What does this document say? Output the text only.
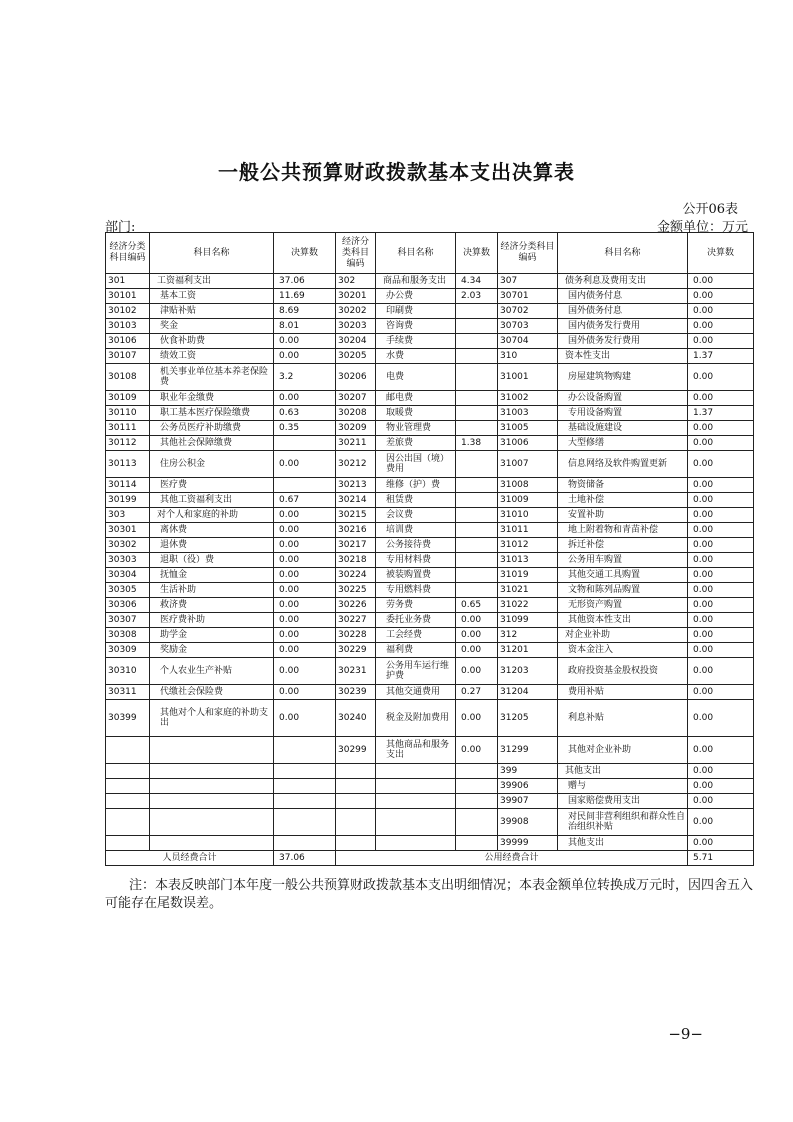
一般公共预算财政拨款基本支出决算表
公开06表
部门:	金额单位：万元
经济分类科目编码	科目名称	决算数	经济分类科目编码	科目名称	决算数	经济分类科目编码	科目名称	决算数
301	工资福利支出	37.06	302	商品和服务支出	4.34	307	债务利息及费用支出	0.00
30101	基本工资	11.69	30201	办公费	2.03	30701	国内债务付息	0.00
30102	津贴补贴	8.69	30202	印刷费		30702	国外债务付息	0.00
30103	奖金	8.01	30203	咨询费		30703	国内债务发行费用	0.00
30106	伙食补助费	0.00	30204	手续费		30704	国外债务发行费用	0.00
30107	绩效工资	0.00	30205	水费		310	资本性支出	1.37
30108	机关事业单位基本养老保险费	3.2	30206	电费		31001	房屋建筑物购建	0.00
30109	职业年金缴费	0.00	30207	邮电费		31002	办公设备购置	0.00
30110	职工基本医疗保险缴费	0.63	30208	取暖费		31003	专用设备购置	1.37
30111	公务员医疗补助缴费	0.35	30209	物业管理费		31005	基础设施建设	0.00
30112	其他社会保障缴费		30211	差旅费	1.38	31006	大型修缮	0.00
30113	住房公积金	0.00	30212	因公出国（境）费用		31007	信息网络及软件购置更新	0.00
30114	医疗费		30213	维修（护）费		31008	物资储备	0.00
30199	其他工资福利支出	0.67	30214	租赁费		31009	土地补偿	0.00
303	对个人和家庭的补助	0.00	30215	会议费		31010	安置补助	0.00
30301	离休费	0.00	30216	培训费		31011	地上附着物和青苗补偿	0.00
30302	退休费	0.00	30217	公务接待费		31012	拆迁补偿	0.00
30303	退职（役）费	0.00	30218	专用材料费		31013	公务用车购置	0.00
30304	抚恤金	0.00	30224	被装购置费		31019	其他交通工具购置	0.00
30305	生活补助	0.00	30225	专用燃料费		31021	文物和陈列品购置	0.00
30306	救济费	0.00	30226	劳务费	0.65	31022	无形资产购置	0.00
30307	医疗费补助	0.00	30227	委托业务费	0.00	31099	其他资本性支出	0.00
30308	助学金	0.00	30228	工会经费	0.00	312	对企业补助	0.00
30309	奖励金	0.00	30229	福利费	0.00	31201	资本金注入	0.00
30310	个人农业生产补贴	0.00	30231	公务用车运行维护费	0.00	31203	政府投资基金股权投资	0.00
30311	代缴社会保险费	0.00	30239	其他交通费用	0.27	31204	费用补贴	0.00
30399	其他对个人和家庭的补助支出	0.00	30240	税金及附加费用	0.00	31205	利息补贴	0.00
			30299	其他商品和服务支出	0.00	31299	其他对企业补助	0.00
						399	其他支出	0.00
						39906	赠与	0.00
						39907	国家赔偿费用支出	0.00
						39908	对民间非营利组织和群众性自治组织补贴	0.00
						39999	其他支出	0.00
人员经费合计		37.06	公用经费合计					5.71
注：本表反映部门本年度一般公共预算财政拨款基本支出明细情况；本表金额单位转换成万元时，因四舍五入可能存在尾数误差。
−9−
